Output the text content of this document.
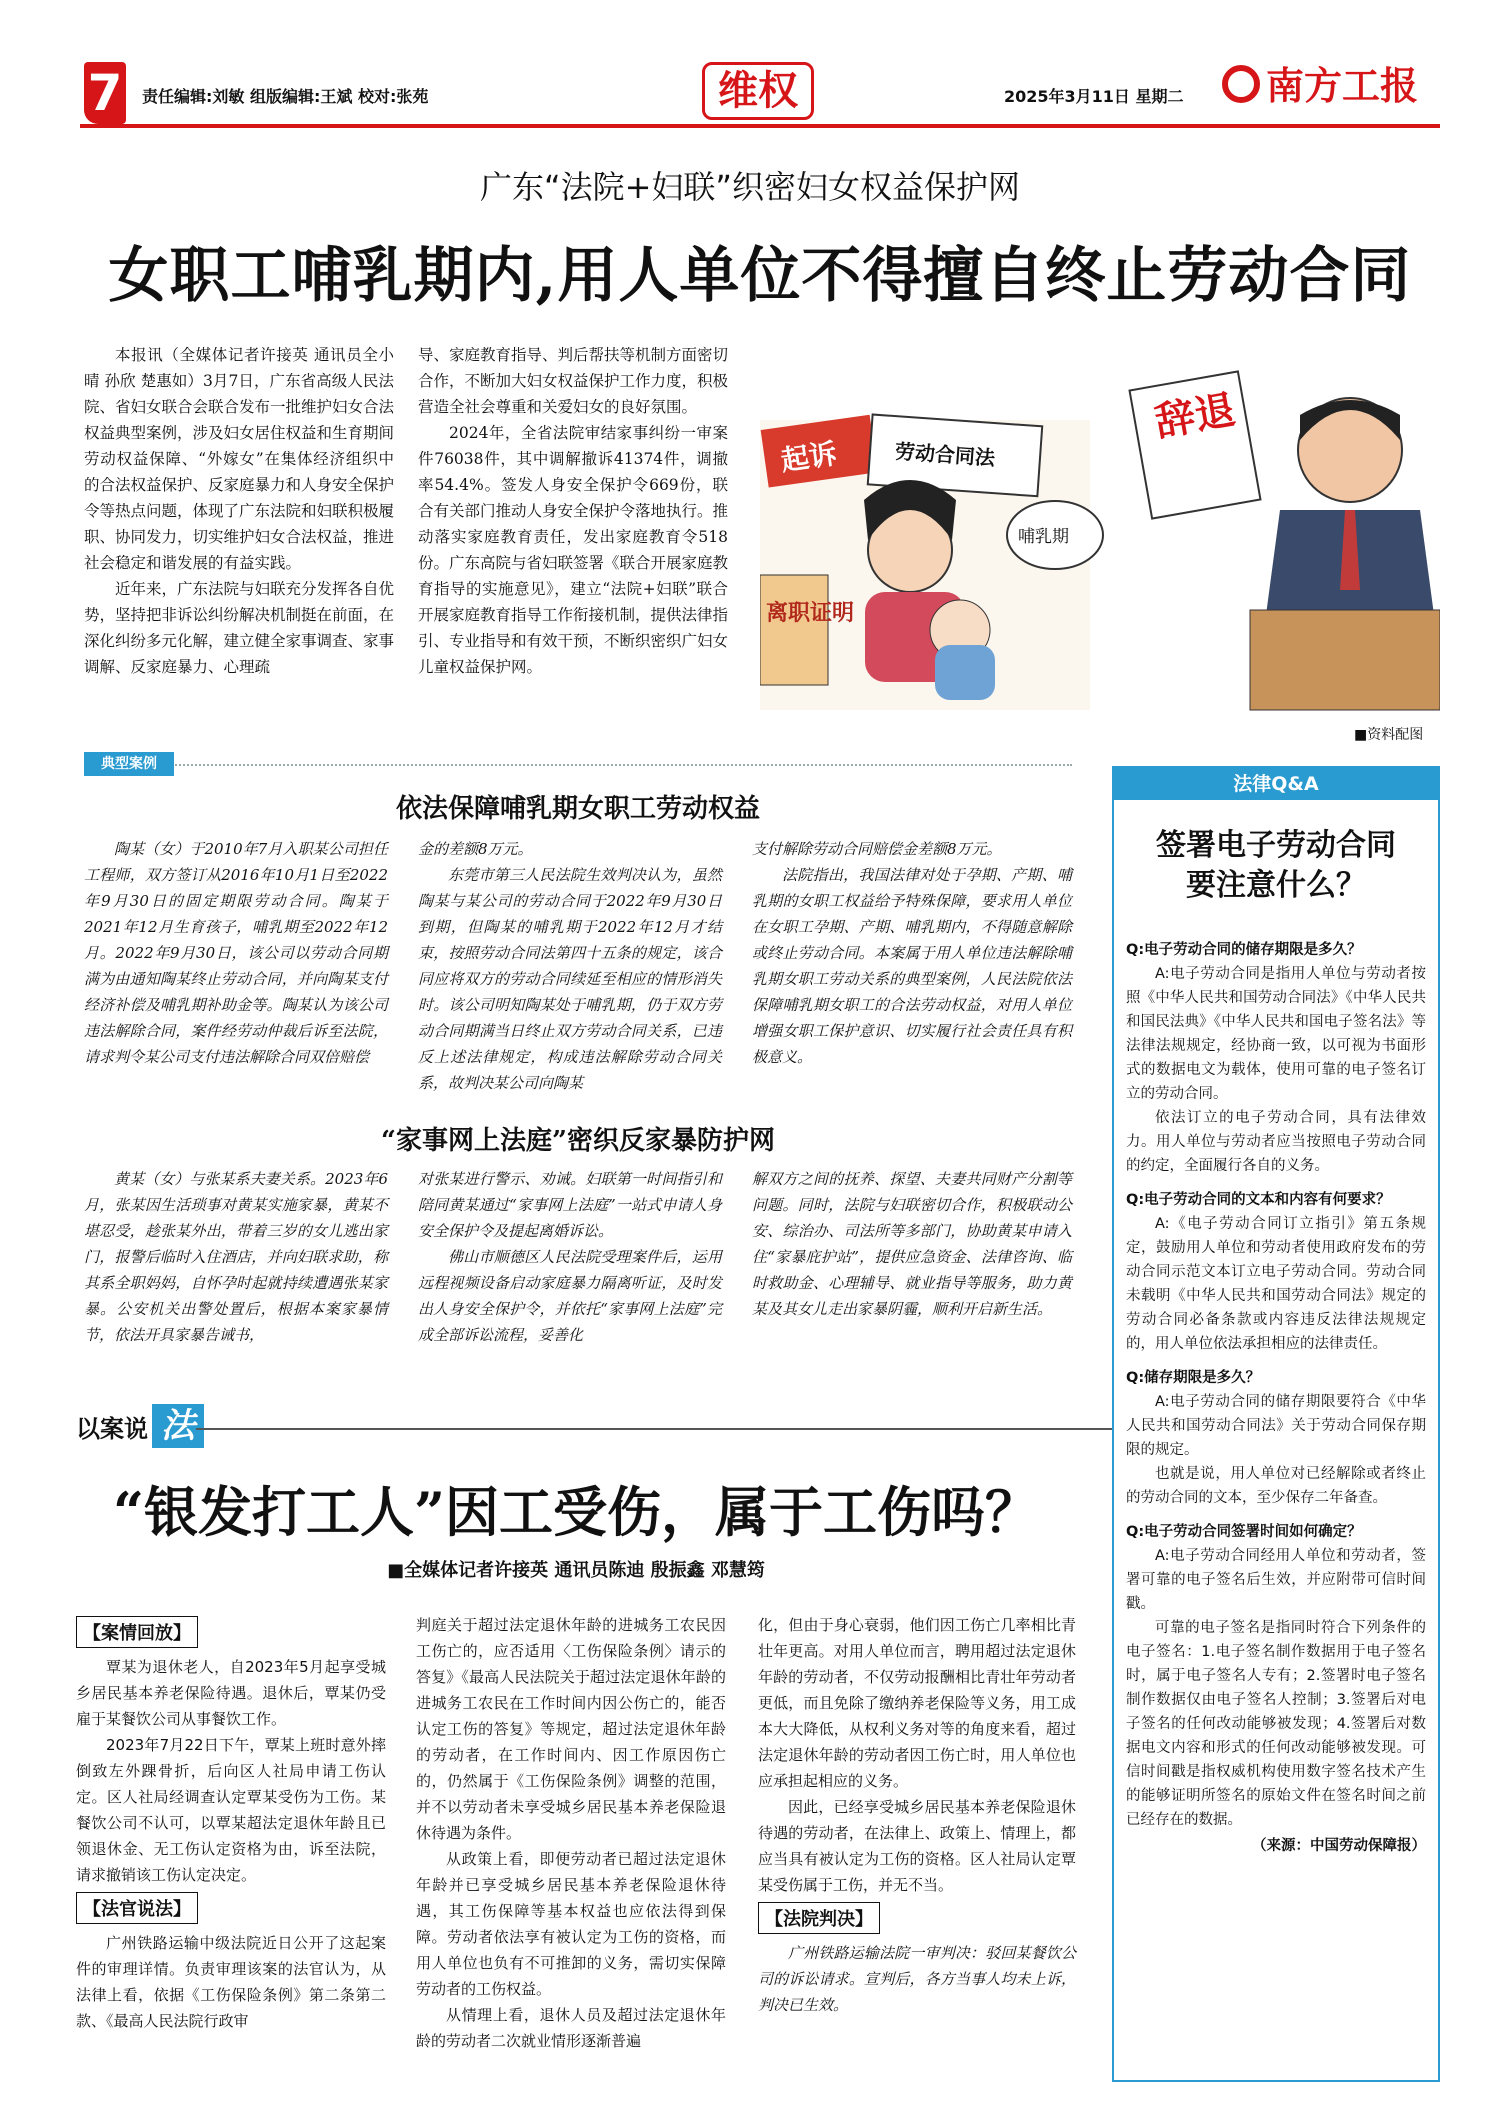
7 责任编辑:刘敏 组版编辑:王斌 校对:张苑	维权	2025年3月11日 星期二	南方工报
广东“法院+妇联”织密妇女权益保护网
女职工哺乳期内,用人单位不得擅自终止劳动合同

本报讯（全媒体记者许接英 通讯员全小晴 孙欣 楚惠如）3月7日，广东省高级人民法院、省妇女联合会联合发布一批维护妇女合法权益典型案例，涉及妇女居住权益和生育期间劳动权益保障、“外嫁女”在集体经济组织中的合法权益保护、反家庭暴力和人身安全保护令等热点问题，体现了广东法院和妇联积极履职、协同发力，切实维护妇女合法权益，推进社会稳定和谐发展的有益实践。

近年来，广东法院与妇联充分发挥各自优势，坚持把非诉讼纠纷解决机制挺在前面，在深化纠纷多元化解，建立健全家事调查、家事调解、反家庭暴力、心理疏

导、家庭教育指导、判后帮扶等机制方面密切合作，不断加大妇女权益保护工作力度，积极营造全社会尊重和关爱妇女的良好氛围。

2024年，全省法院审结家事纠纷一审案件76038件，其中调解撤诉41374件，调撤率54.4%。签发人身安全保护令669份，联合有关部门推动人身安全保护令落地执行。推动落实家庭教育责任，发出家庭教育令518份。广东高院与省妇联签署《联合开展家庭教育指导的实施意见》，建立“法院+妇联”联合开展家庭教育指导工作衔接机制，提供法律指引、专业指导和有效干预，不断织密织广妇女儿童权益保护网。

起诉	劳动合同法
哺乳期
离职证明
辞退
■资料配图
典型案例
依法保障哺乳期女职工劳动权益

陶某（女）于2010年7月入职某公司担任工程师，双方签订从2016年10月1日至2022年9月30日的固定期限劳动合同。陶某于2021年12月生育孩子，哺乳期至2022年12月。2022年9月30日，该公司以劳动合同期满为由通知陶某终止劳动合同，并向陶某支付经济补偿及哺乳期补助金等。陶某认为该公司违法解除合同，案件经劳动仲裁后诉至法院，请求判令某公司支付违法解除合同双倍赔偿

金的差额8万元。

东莞市第三人民法院生效判决认为，虽然陶某与某公司的劳动合同于2022年9月30日到期，但陶某的哺乳期于2022年12月才结束，按照劳动合同法第四十五条的规定，该合同应将双方的劳动合同续延至相应的情形消失时。该公司明知陶某处于哺乳期，仍于双方劳动合同期满当日终止双方劳动合同关系，已违反上述法律规定，构成违法解除劳动合同关系，故判决某公司向陶某

支付解除劳动合同赔偿金差额8万元。

法院指出，我国法律对处于孕期、产期、哺乳期的女职工权益给予特殊保障，要求用人单位在女职工孕期、产期、哺乳期内，不得随意解除或终止劳动合同。本案属于用人单位违法解除哺乳期女职工劳动关系的典型案例，人民法院依法保障哺乳期女职工的合法劳动权益，对用人单位增强女职工保护意识、切实履行社会责任具有积极意义。

“家事网上法庭”密织反家暴防护网

黄某（女）与张某系夫妻关系。2023年6月，张某因生活琐事对黄某实施家暴，黄某不堪忍受，趁张某外出，带着三岁的女儿逃出家门，报警后临时入住酒店，并向妇联求助，称其系全职妈妈，自怀孕时起就持续遭遇张某家暴。公安机关出警处置后，根据本案家暴情节，依法开具家暴告诫书，

对张某进行警示、劝诫。妇联第一时间指引和陪同黄某通过“家事网上法庭”一站式申请人身安全保护令及提起离婚诉讼。

佛山市顺德区人民法院受理案件后，运用远程视频设备启动家庭暴力隔离听证，及时发出人身安全保护令，并依托“家事网上法庭”完成全部诉讼流程，妥善化

解双方之间的抚养、探望、夫妻共同财产分割等问题。同时，法院与妇联密切合作，积极联动公安、综治办、司法所等多部门，协助黄某申请入住“家暴庇护站”，提供应急资金、法律咨询、临时救助金、心理辅导、就业指导等服务，助力黄某及其女儿走出家暴阴霾，顺利开启新生活。

以案说 法
“银发打工人”因工受伤，属于工伤吗？
■全媒体记者许接英 通讯员陈迪 殷振鑫 邓慧筠
【案情回放】

覃某为退休老人，自2023年5月起享受城乡居民基本养老保险待遇。退休后，覃某仍受雇于某餐饮公司从事餐饮工作。

2023年7月22日下午，覃某上班时意外摔倒致左外踝骨折，后向区人社局申请工伤认定。区人社局经调查认定覃某受伤为工伤。某餐饮公司不认可，以覃某超法定退休年龄且已领退休金、无工伤认定资格为由，诉至法院，请求撤销该工伤认定决定。

【法官说法】

广州铁路运输中级法院近日公开了这起案件的审理详情。负责审理该案的法官认为，从法律上看，依据《工伤保险条例》第二条第二款、《最高人民法院行政审

判庭关于超过法定退休年龄的进城务工农民因工伤亡的，应否适用〈工伤保险条例〉请示的答复》《最高人民法院关于超过法定退休年龄的进城务工农民在工作时间内因公伤亡的，能否认定工伤的答复》等规定，超过法定退休年龄的劳动者，在工作时间内、因工作原因伤亡的，仍然属于《工伤保险条例》调整的范围，并不以劳动者未享受城乡居民基本养老保险退休待遇为条件。

从政策上看，即便劳动者已超过法定退休年龄并已享受城乡居民基本养老保险退休待遇，其工伤保障等基本权益也应依法得到保障。劳动者依法享有被认定为工伤的资格，而用人单位也负有不可推卸的义务，需切实保障劳动者的工伤权益。

从情理上看，退休人员及超过法定退休年龄的劳动者二次就业情形逐渐普遍

化，但由于身心衰弱，他们因工伤亡几率相比青壮年更高。对用人单位而言，聘用超过法定退休年龄的劳动者，不仅劳动报酬相比青壮年劳动者更低，而且免除了缴纳养老保险等义务，用工成本大大降低，从权利义务对等的角度来看，超过法定退休年龄的劳动者因工伤亡时，用人单位也应承担起相应的义务。

因此，已经享受城乡居民基本养老保险退休待遇的劳动者，在法律上、政策上、情理上，都应当具有被认定为工伤的资格。区人社局认定覃某受伤属于工伤，并无不当。

【法院判决】

广州铁路运输法院一审判决：驳回某餐饮公司的诉讼请求。宣判后，各方当事人均未上诉，判决已生效。

法律Q&A
签署电子劳动合同
要注意什么？
Q:电子劳动合同的储存期限是多久？
A:电子劳动合同是指用人单位与劳动者按照《中华人民共和国劳动合同法》《中华人民共和国民法典》《中华人民共和国电子签名法》等法律法规规定，经协商一致，以可视为书面形式的数据电文为载体，使用可靠的电子签名订立的劳动合同。
依法订立的电子劳动合同，具有法律效力。用人单位与劳动者应当按照电子劳动合同的约定，全面履行各自的义务。
Q:电子劳动合同的文本和内容有何要求？
A:《电子劳动合同订立指引》第五条规定，鼓励用人单位和劳动者使用政府发布的劳动合同示范文本订立电子劳动合同。劳动合同未载明《中华人民共和国劳动合同法》规定的劳动合同必备条款或内容违反法律法规规定的，用人单位依法承担相应的法律责任。
Q:储存期限是多久？
A:电子劳动合同的储存期限要符合《中华人民共和国劳动合同法》关于劳动合同保存期限的规定。
也就是说，用人单位对已经解除或者终止的劳动合同的文本，至少保存二年备查。
Q:电子劳动合同签署时间如何确定？
A:电子劳动合同经用人单位和劳动者，签署可靠的电子签名后生效，并应附带可信时间戳。
可靠的电子签名是指同时符合下列条件的电子签名：1.电子签名制作数据用于电子签名时，属于电子签名人专有；2.签署时电子签名制作数据仅由电子签名人控制；3.签署后对电子签名的任何改动能够被发现；4.签署后对数据电文内容和形式的任何改动能够被发现。可信时间戳是指权威机构使用数字签名技术产生的能够证明所签名的原始文件在签名时间之前已经存在的数据。
（来源：中国劳动保障报）
